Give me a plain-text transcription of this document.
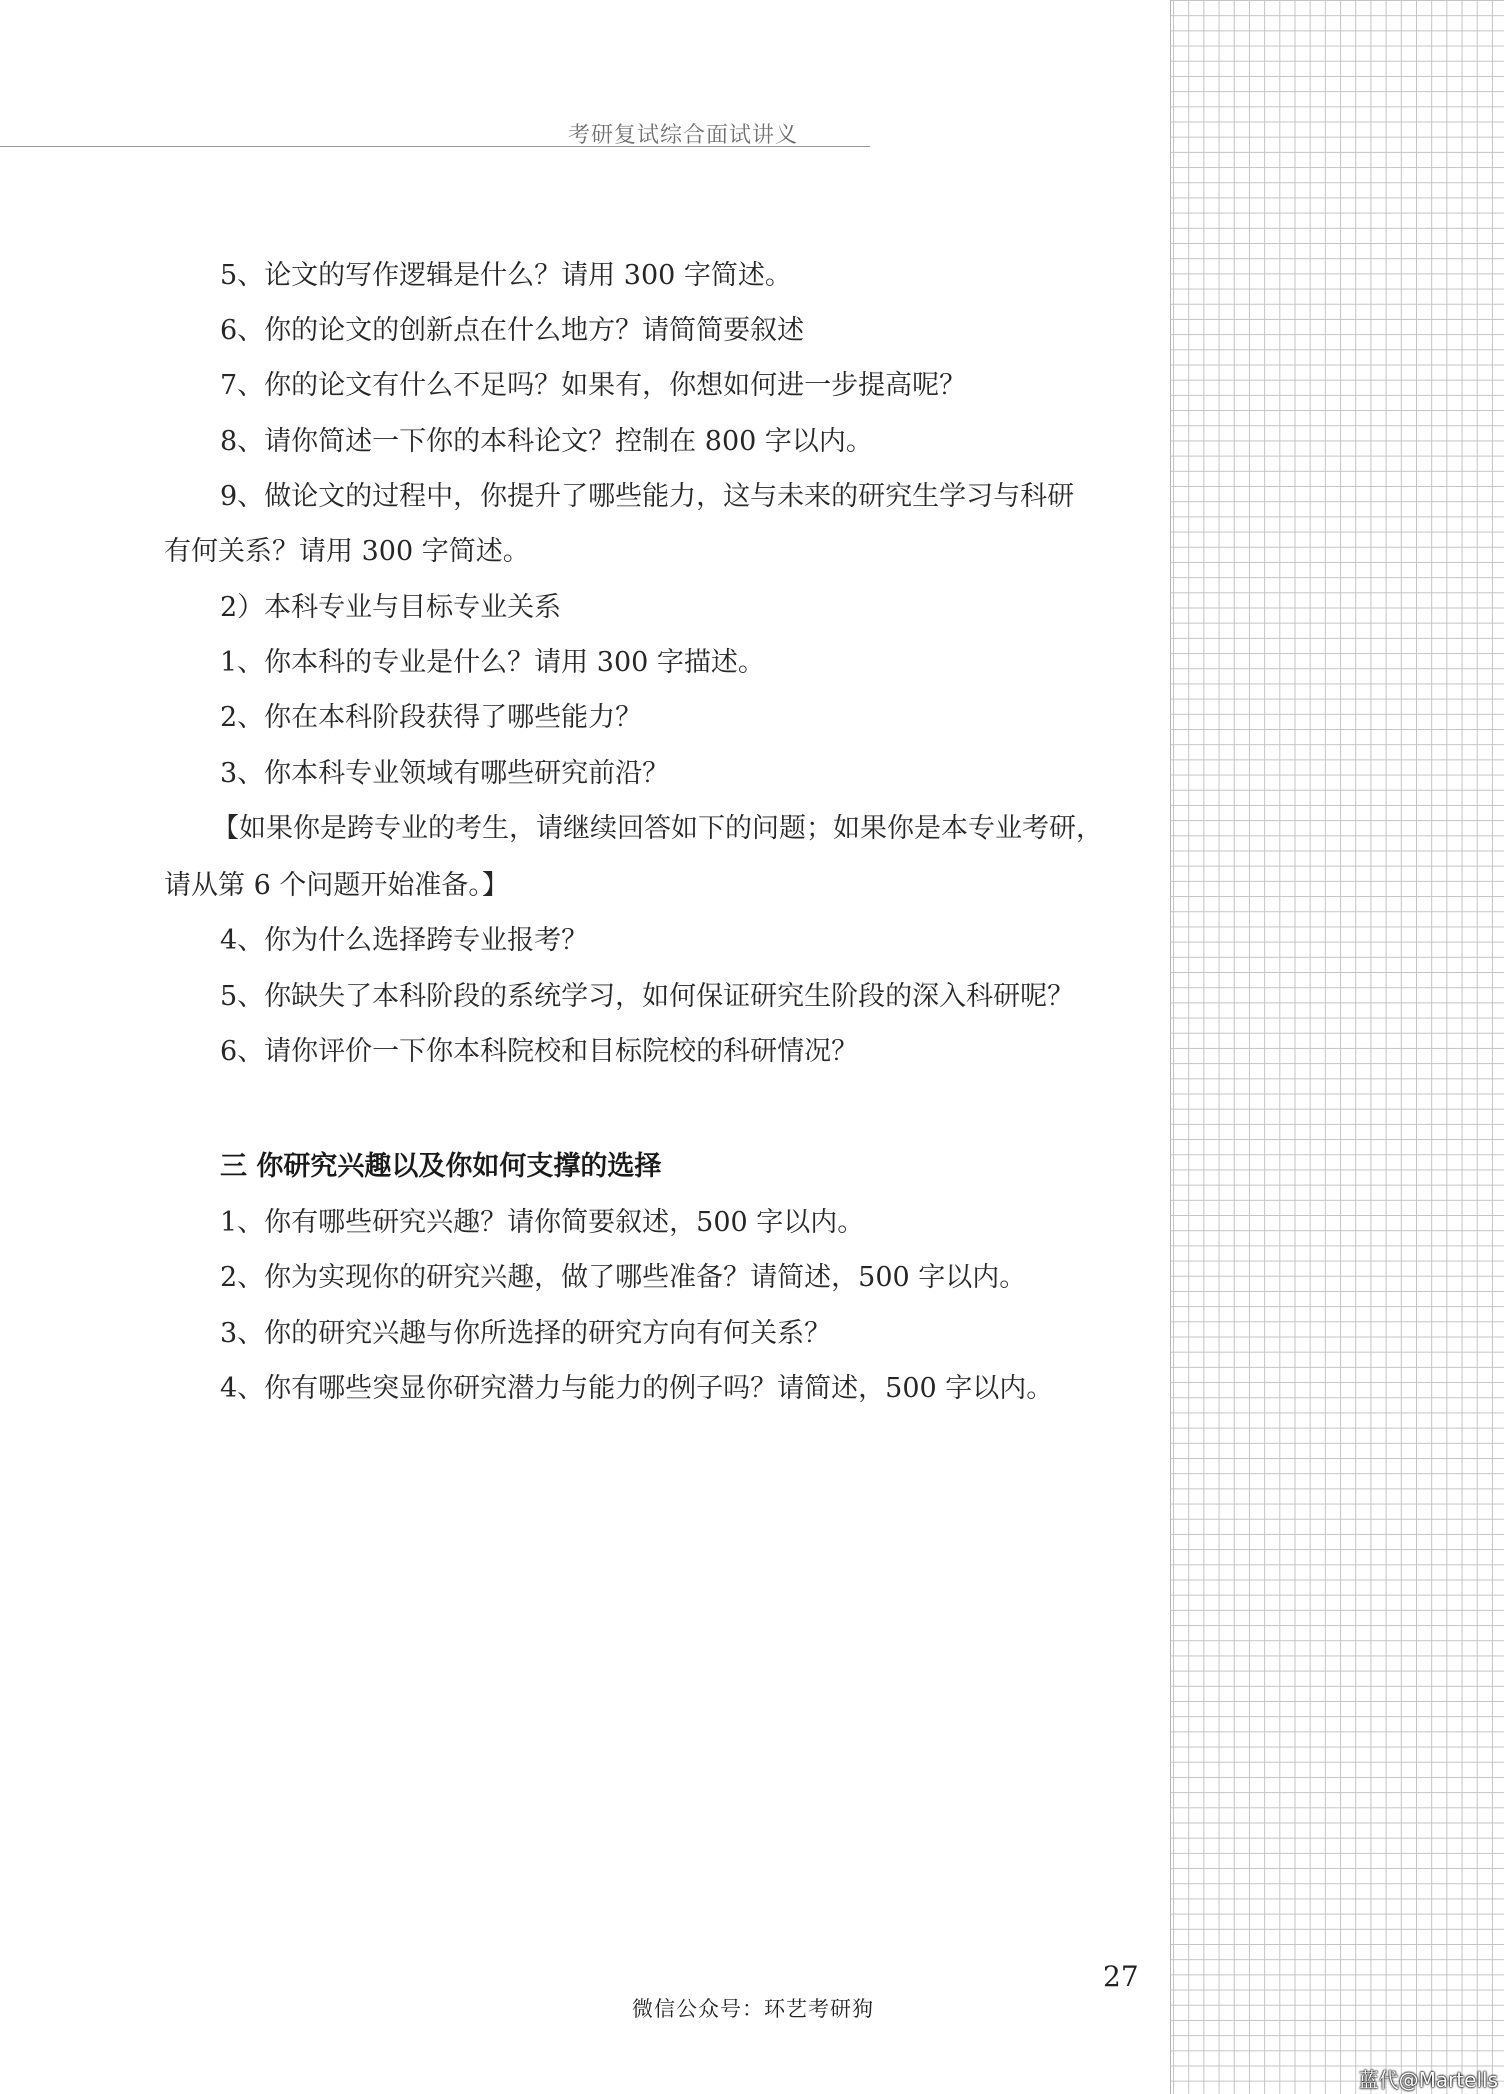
考研复试综合面试讲义
5、论文的写作逻辑是什么？请用 300 字简述。
6、你的论文的创新点在什么地方？请简简要叙述
7、你的论文有什么不足吗？如果有，你想如何进一步提高呢？
8、请你简述一下你的本科论文？控制在 800 字以内。
9、做论文的过程中，你提升了哪些能力，这与未来的研究生学习与科研
有何关系？请用 300 字简述。
2）本科专业与目标专业关系
1、你本科的专业是什么？请用 300 字描述。
2、你在本科阶段获得了哪些能力？
3、你本科专业领域有哪些研究前沿？
【如果你是跨专业的考生，请继续回答如下的问题；如果你是本专业考研，
请从第 6 个问题开始准备。】
4、你为什么选择跨专业报考？
5、你缺失了本科阶段的系统学习，如何保证研究生阶段的深入科研呢？
6、请你评价一下你本科院校和目标院校的科研情况？
三 你研究兴趣以及你如何支撑的选择
1、你有哪些研究兴趣？请你简要叙述，500 字以内。
2、你为实现你的研究兴趣，做了哪些准备？请简述，500 字以内。
3、你的研究兴趣与你所选择的研究方向有何关系？
4、你有哪些突显你研究潜力与能力的例子吗？请简述，500 字以内。
27
微信公众号：环艺考研狗
蓝代@Martells
